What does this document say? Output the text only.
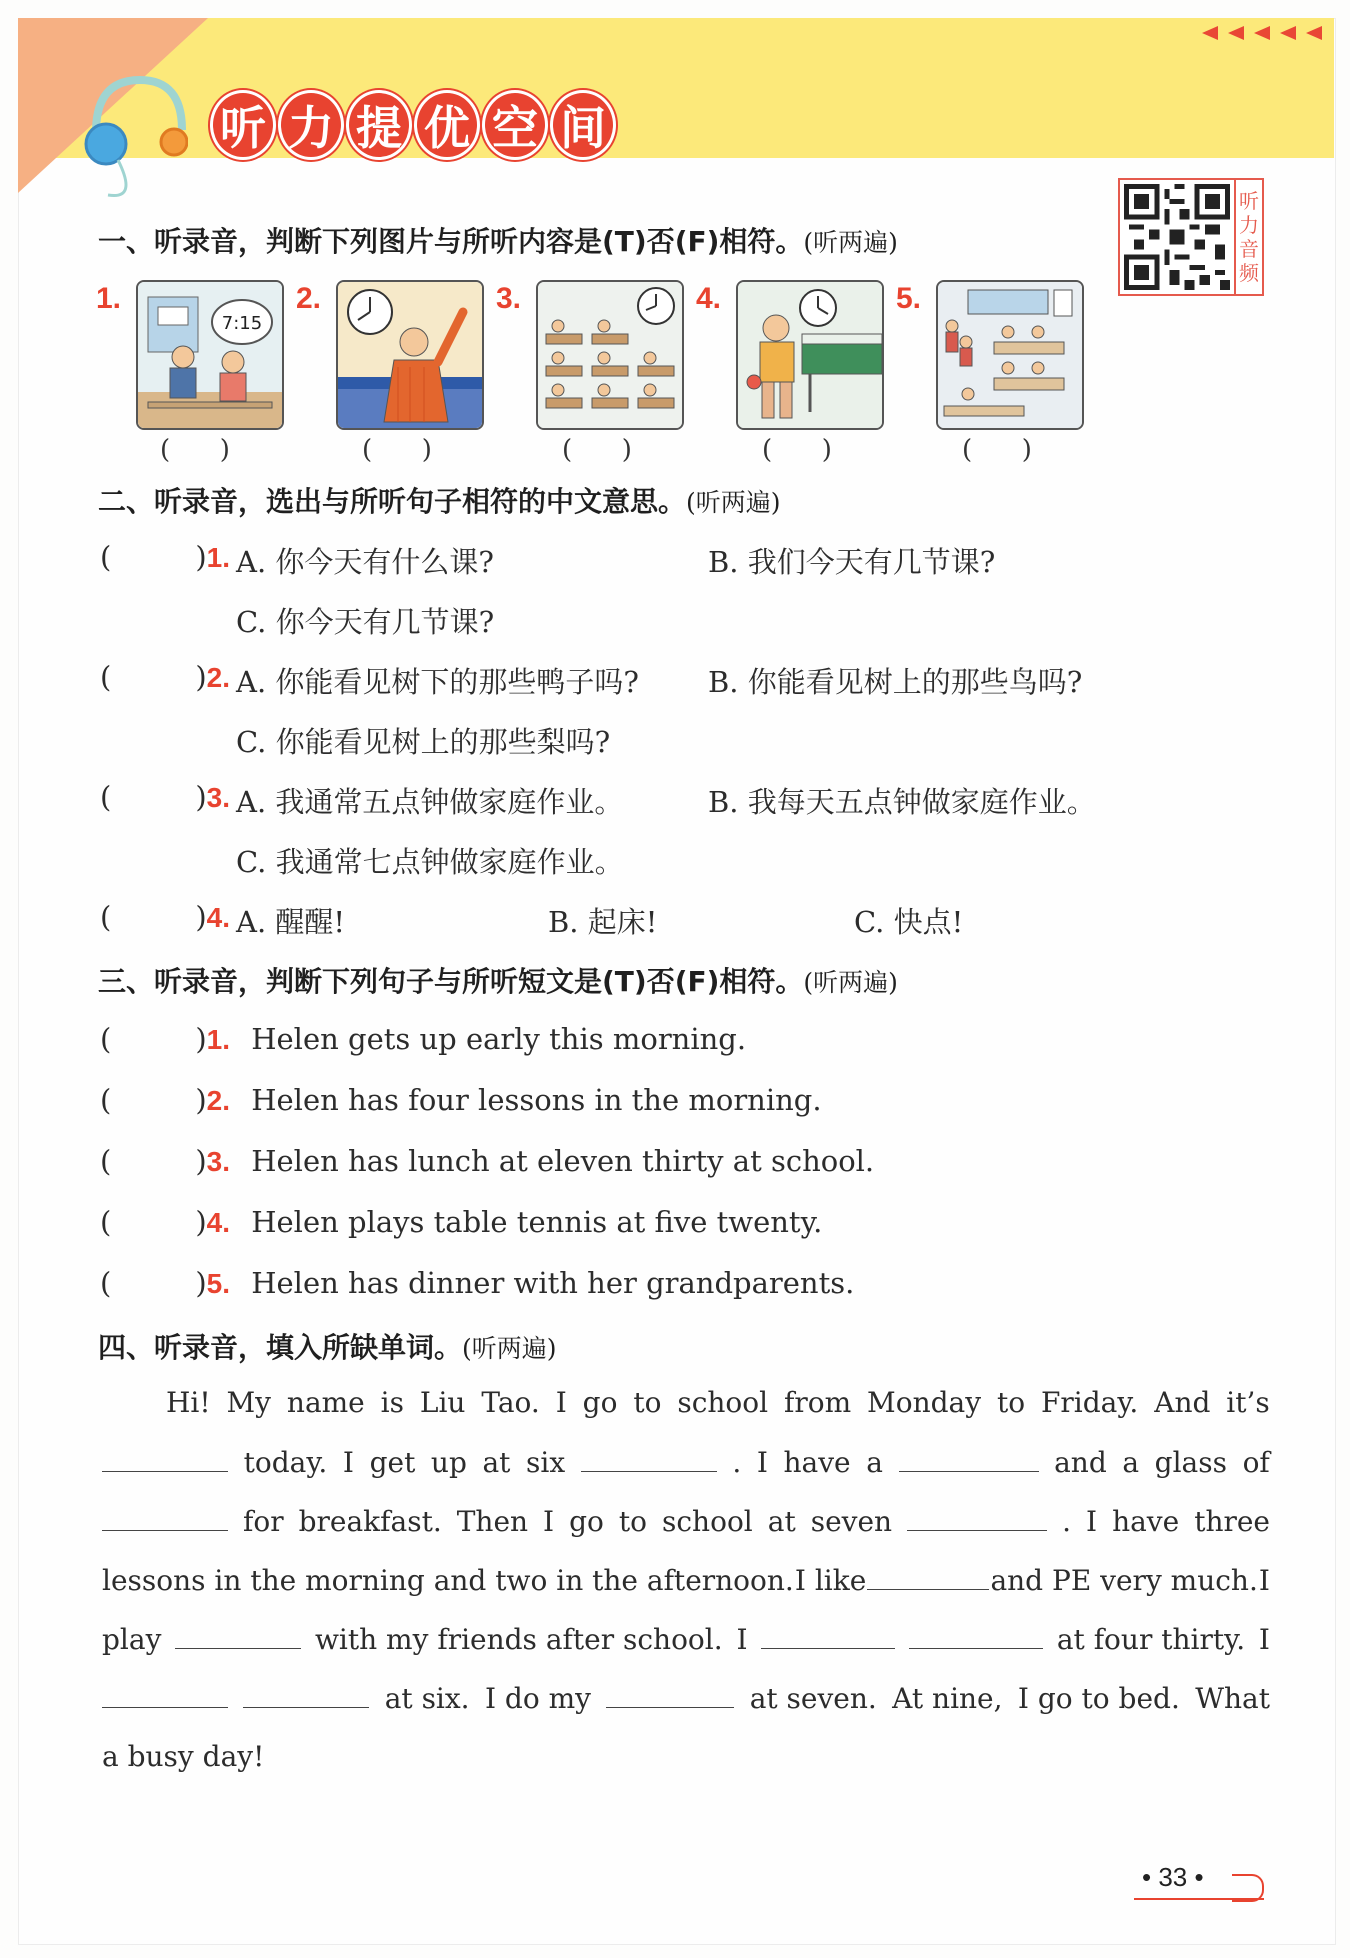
听 力 提 优 空 间
听
力
音
频
一、听录音，判断下列图片与所听内容是(T)否(F)相符。(听两遍)
1.
7:15
2.	3.	4.	5.
(      )	(      )	(      )	(      )	(      )
二、听录音，选出与所听句子相符的中文意思。(听两遍)
(	)1. A. 你今天有什么课?	B. 我们今天有几节课?
C. 你今天有几节课?
(	)2. A. 你能看见树下的那些鸭子吗? B. 你能看见树上的那些鸟吗?
C. 你能看见树上的那些梨吗?
(	)3. A. 我通常五点钟做家庭作业。	B. 我每天五点钟做家庭作业。
C. 我通常七点钟做家庭作业。
(	)4. A. 醒醒!	B. 起床!	C. 快点!
三、听录音，判断下列句子与所听短文是(T)否(F)相符。(听两遍)
(	)1. Helen gets up early this morning.
(	)2. Helen has four lessons in the morning.
(	)3. Helen has lunch at eleven thirty at school.
(	)4. Helen plays table tennis at five twenty.
(	)5. Helen has dinner with her grandparents.
四、听录音，填入所缺单词。(听两遍)
Hi! My name is Liu Tao. I go to school from Monday to Friday. And it’s
today. I get up at six	. I have a	and a glass of
for breakfast. Then I go to school at seven	. I have three
lessons in the morning and two in the afternoon. I like	and PE very much. I
play	with my friends after school. I	at four thirty. I
at six. I do my	at seven. At nine, I go to bed. What
a busy day!
• 33 •
